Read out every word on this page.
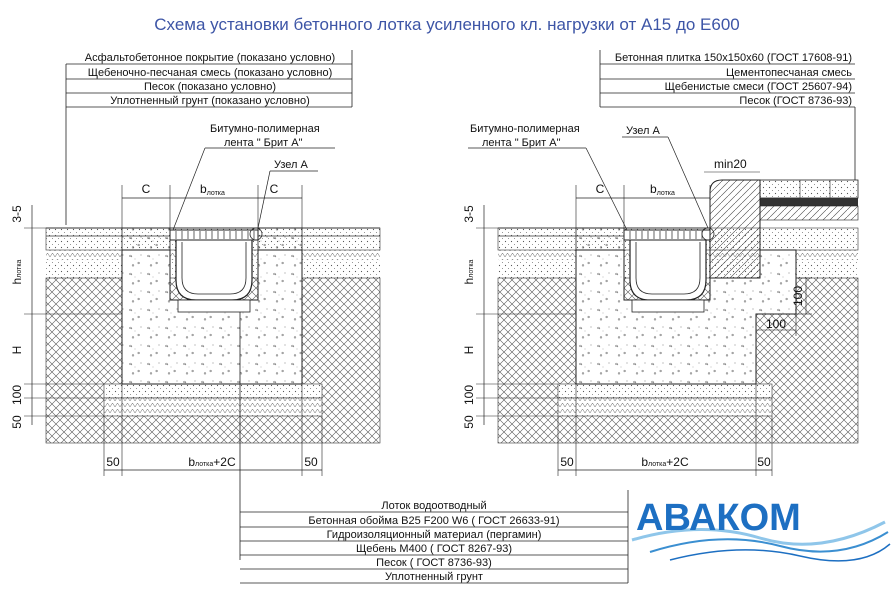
Схема установки бетонного лотка усиленного кл. нагрузки от А15 до Е600
Асфальтобетонное покрытие (показано условно)
Щебеночно-песчаная смесь (показано условно)
Песок (показано условно)
Уплотненный грунт (показано условно)
Битумно-полимерная
лента " Брит А"
Узел А
C	bлотка	C
3-5
hлотка
H
100
50
50	bлотка+2C	50
Бетонная плитка 150х150х60 (ГОСТ 17608-91)
Цементопесчаная смесь
Щебенистые смеси (ГОСТ 25607-94)
Песок (ГОСТ 8736-93)
Битумно-полимерная
лента " Брит А"
Узел А
min20
C	bлотка
3-5
hлотка
H
100
50
100
100
50	bлотка+2C	50
Лоток водоотводный
Бетонная обойма В25 F200 W6 ( ГОСТ 26633-91)
Гидроизоляционный материал (пергамин)
Щебень М400 ( ГОСТ 8267-93)
Песок ( ГОСТ 8736-93)
Уплотненный грунт
АВАКОМ
